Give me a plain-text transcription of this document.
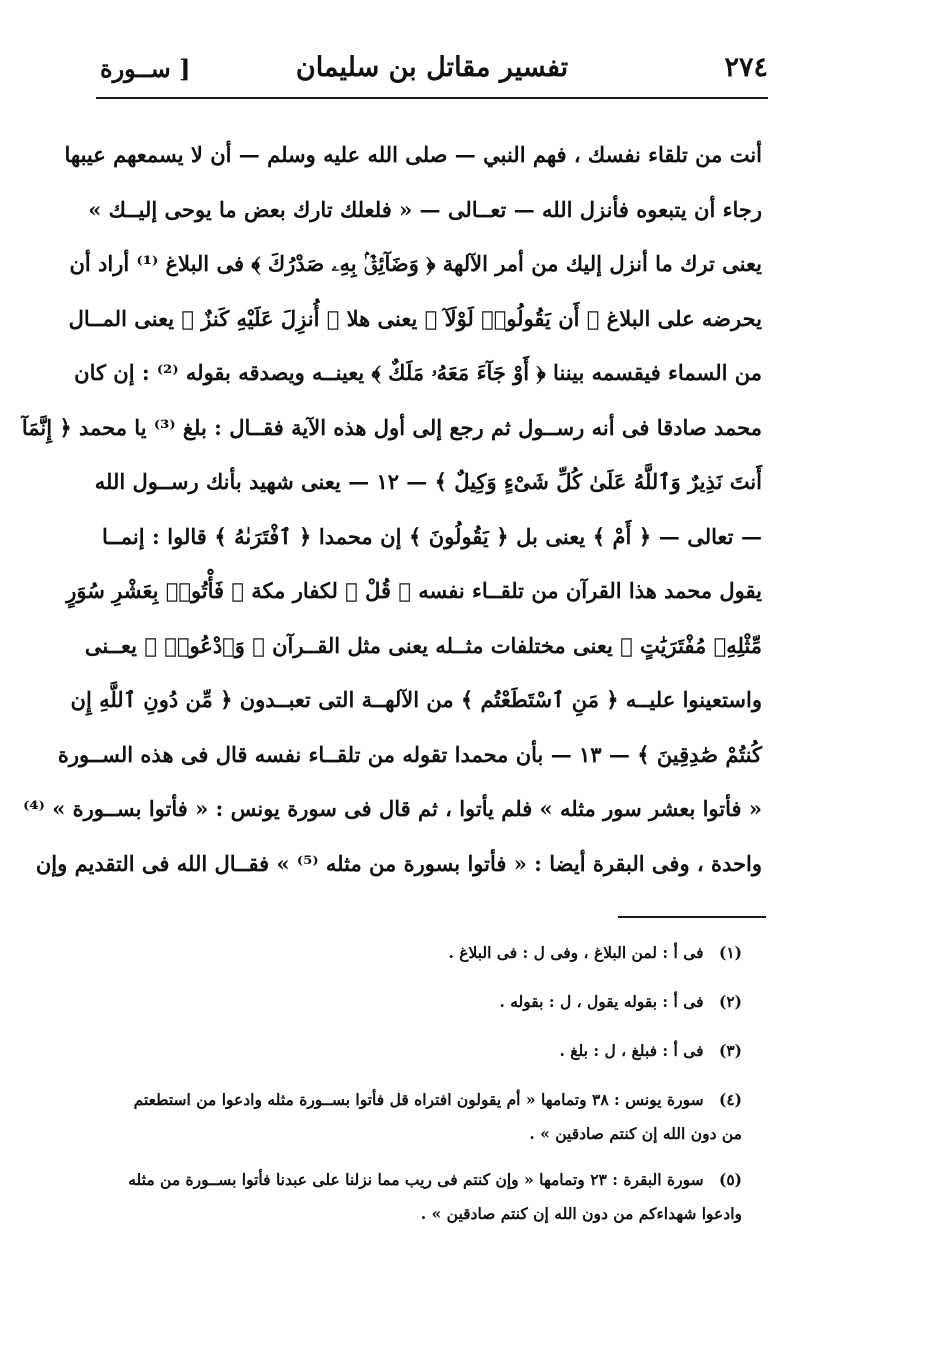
٢٧٤
تفسير مقاتل بن سليمان
[ ســورة
أنت من تلقاء نفسك ، فهم النبي — صلى الله عليه وسلم — أن لا يسمعهم عيبها
رجاء أن يتبعوه فأنزل الله — تعــالى — « فلعلك تارك بعض ما يوحى إليــك »
يعنى ترك ما أنزل إليك من أمر الآلهة ﴿ وَضَآئِقٌۢ بِهِۦ صَدْرُكَ ﴾ فى البلاغ ⁽¹⁾ أراد أن
يحرضه على البلاغ ﴿ أَن يَقُولُوا۟ لَوْلَآ ﴾ يعنى هلا ﴿ أُنزِلَ عَلَيْهِ كَنزٌ ﴾ يعنى المــال
من السماء فيقسمه بيننا ﴿ أَوْ جَآءَ مَعَهُۥ مَلَكٌ ﴾ يعينــه ويصدقه بقوله ⁽²⁾ : إن كان
محمد صادقا فى أنه رســول ثم رجع إلى أول هذه الآية فقــال : بلغ ⁽³⁾ يا محمد ﴿ إِنَّمَآ
أَنتَ نَذِيرٌ وَٱللَّهُ عَلَىٰ كُلِّ شَىْءٍ وَكِيلٌ ﴾ — ١٢ — يعنى شهيد بأنك رســول الله
— تعالى — ﴿ أَمْ ﴾ يعنى بل ﴿ يَقُولُونَ ﴾ إن محمدا ﴿ ٱفْتَرَىٰهُ ﴾ قالوا : إنمــا
يقول محمد هذا القرآن من تلقــاء نفسه ﴿ قُلْ ﴾ لكفار مكة ﴿ فَأْتُوا۟ بِعَشْرِ سُوَرٍ
مِّثْلِهِۦ مُفْتَرَيَٰتٍ ﴾ يعنى مختلفات مثــله يعنى مثل القــرآن ﴿ وَٱدْعُوا۟ ﴾ يعــنى
واستعينوا عليــه ﴿ مَنِ ٱسْتَطَعْتُم ﴾ من الآلهــة التى تعبــدون ﴿ مِّن دُونِ ٱللَّهِ إِن
كُنتُمْ صَٰدِقِينَ ﴾ — ١٣ — بأن محمدا تقوله من تلقــاء نفسه قال فى هذه الســورة
« فأتوا بعشر سور مثله » فلم يأتوا ، ثم قال فى سورة يونس : « فأتوا بســورة » ⁽⁴⁾
واحدة ، وفى البقرة أيضا : « فأتوا بسورة من مثله ⁽⁵⁾ » فقــال الله فى التقديم وإن
(١) فى أ : لمن البلاغ ، وفى ل : فى البلاغ .
(٢) فى أ : بقوله يقول ، ل : بقوله .
(٣) فى أ : فبلغ ، ل : بلغ .
(٤) سورة يونس : ٣٨ وتمامها « أم يقولون افتراه قل فأتوا بســورة مثله وادعوا من استطعتم
من دون الله إن كنتم صادقين » .
(٥) سورة البقرة : ٢٣ وتمامها « وإن كنتم فى ريب مما نزلنا على عبدنا فأتوا بســورة من مثله
وادعوا شهداءكم من دون الله إن كنتم صادقين » .
